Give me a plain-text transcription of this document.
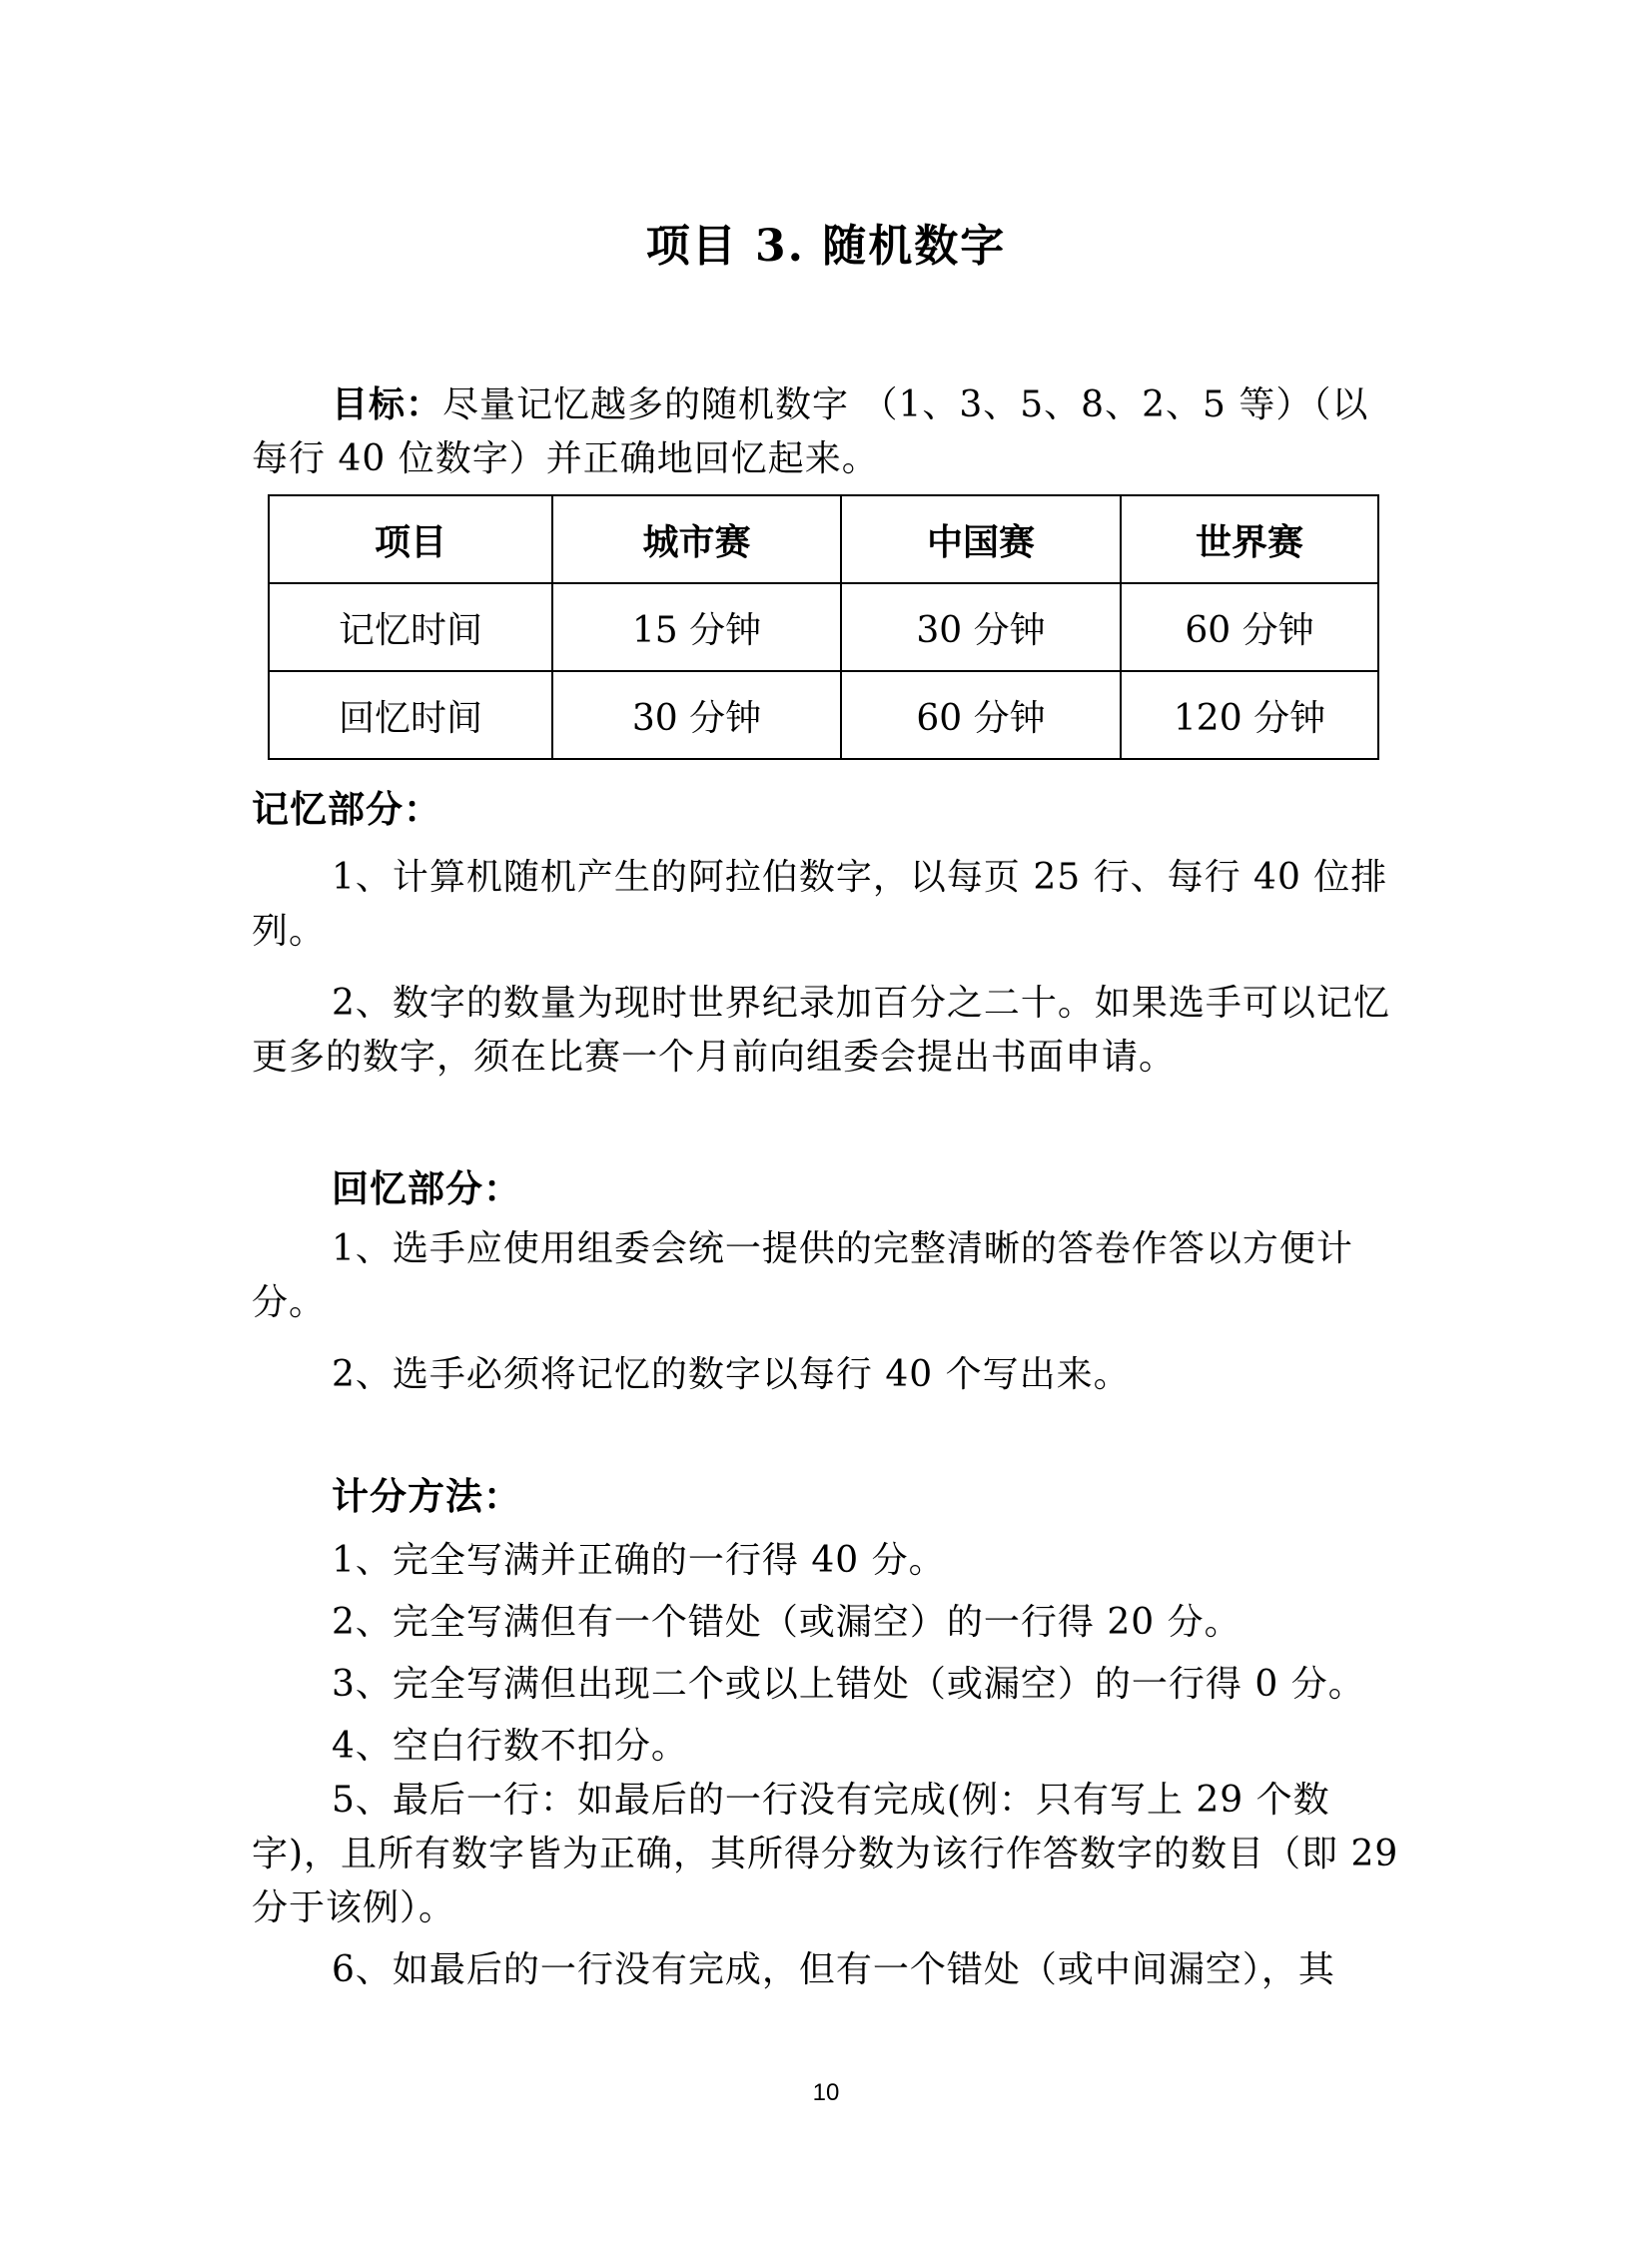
项目 3. 随机数字
目标：尽量记忆越多的随机数字 （1、3、5、8、2、5 等）（以每行 40 位数字）并正确地回忆起来。
项目	城市赛	中国赛	世界赛
记忆时间	15 分钟	30 分钟	60 分钟
回忆时间	30 分钟	60 分钟	120 分钟
记忆部分：
1、计算机随机产生的阿拉伯数字，以每页 25 行、每行 40 位排列。
2、数字的数量为现时世界纪录加百分之二十。如果选手可以记忆更多的数字，须在比赛一个月前向组委会提出书面申请。
回忆部分：
1、选手应使用组委会统一提供的完整清晰的答卷作答以方便计分。
2、选手必须将记忆的数字以每行 40 个写出来。
计分方法：
1、完全写满并正确的一行得 40 分。
2、完全写满但有一个错处（或漏空）的一行得 20 分。
3、完全写满但出现二个或以上错处（或漏空）的一行得 0 分。
4、空白行数不扣分。
5、最后一行：如最后的一行没有完成(例：只有写上 29 个数字)，且所有数字皆为正确，其所得分数为该行作答数字的数目（即 29 分于该例）。
6、如最后的一行没有完成，但有一个错处（或中间漏空），其
10
